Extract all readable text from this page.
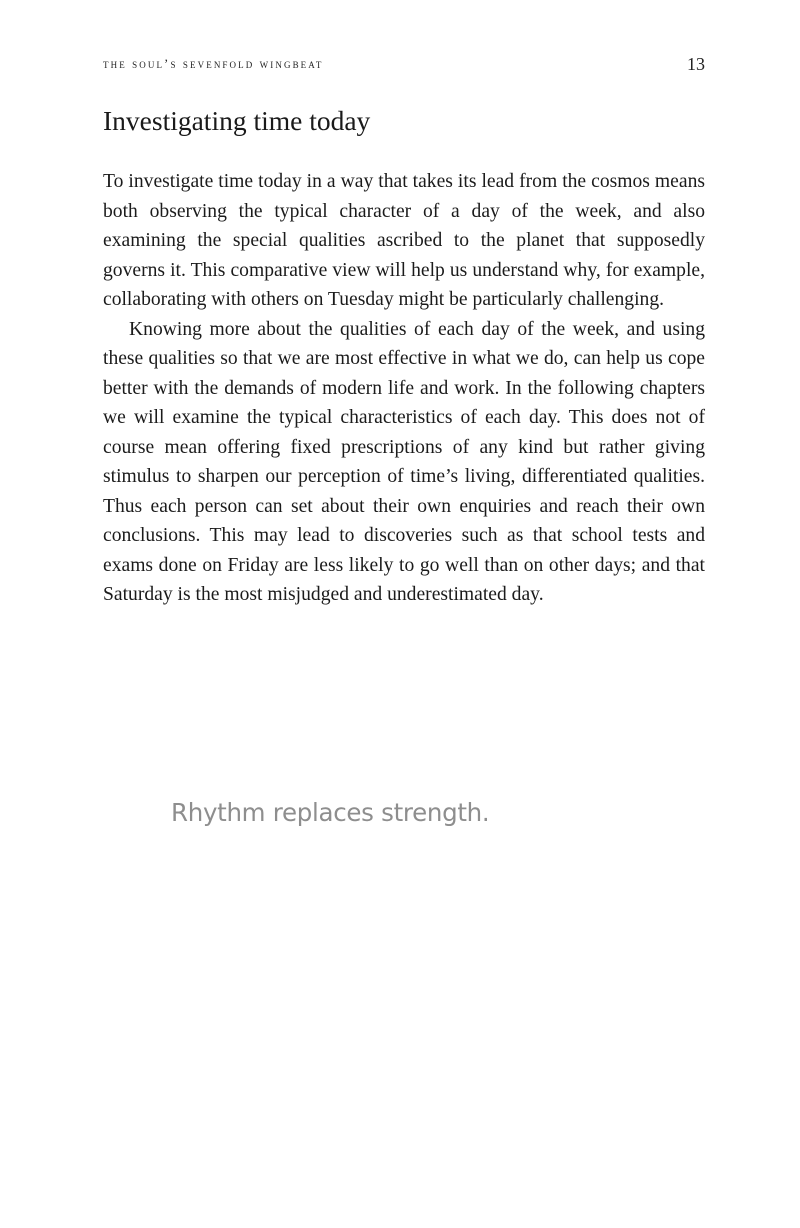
the soul’s sevenfold wingbeat	13
Investigating time today

To investigate time today in a way that takes its lead from the cosmos means both observing the typical character of a day of the week, and also examining the special qualities ascribed to the planet that supposedly governs it. This comparative view will help us understand why, for example, collaborating with others on Tuesday might be particularly challenging.

Knowing more about the qualities of each day of the week, and using these qualities so that we are most effective in what we do, can help us cope better with the demands of modern life and work. In the following chapters we will examine the typical characteristics of each day. This does not of course mean offering fixed prescriptions of any kind but rather giving stimulus to sharpen our perception of time’s living, differentiated qualities. Thus each person can set about their own enquiries and reach their own conclusions. This may lead to discoveries such as that school tests and exams done on Friday are less likely to go well than on other days; and that Saturday is the most misjudged and underestimated day.

Rhythm replaces strength.
